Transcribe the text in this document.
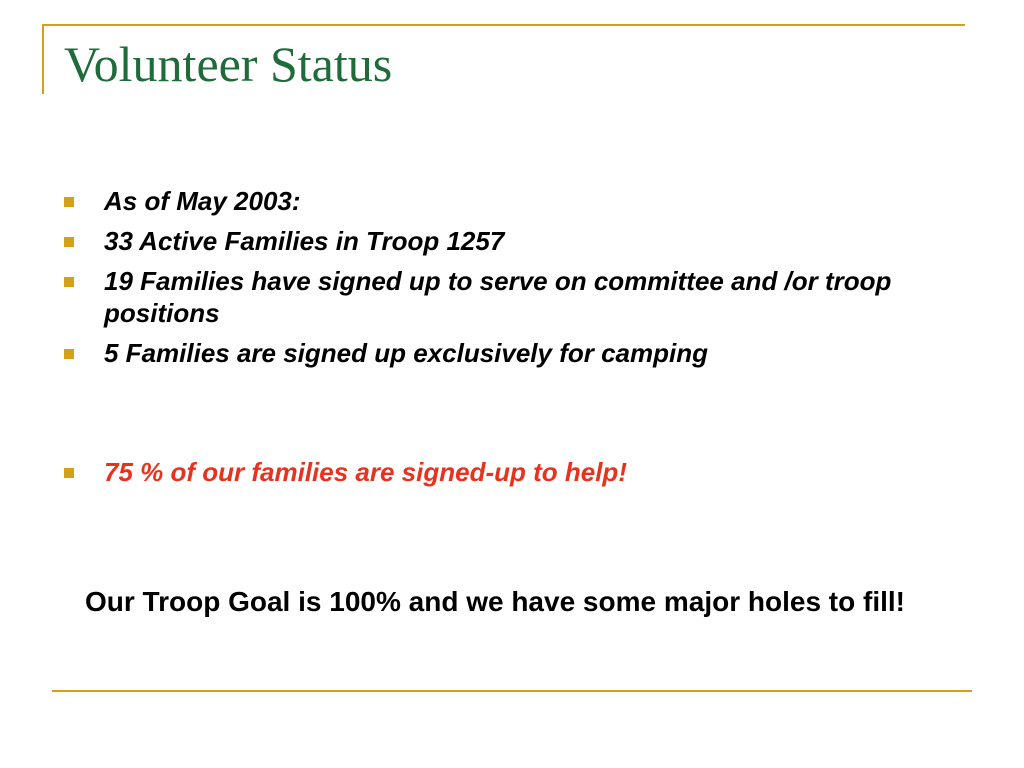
Volunteer Status
As of May 2003:
33 Active Families in Troop 1257
19 Families have signed up to serve on committee and /or troop positions
5 Families are signed up exclusively for camping
75 % of our families are signed-up to help!

Our Troop Goal is 100% and we have some major holes to fill!
